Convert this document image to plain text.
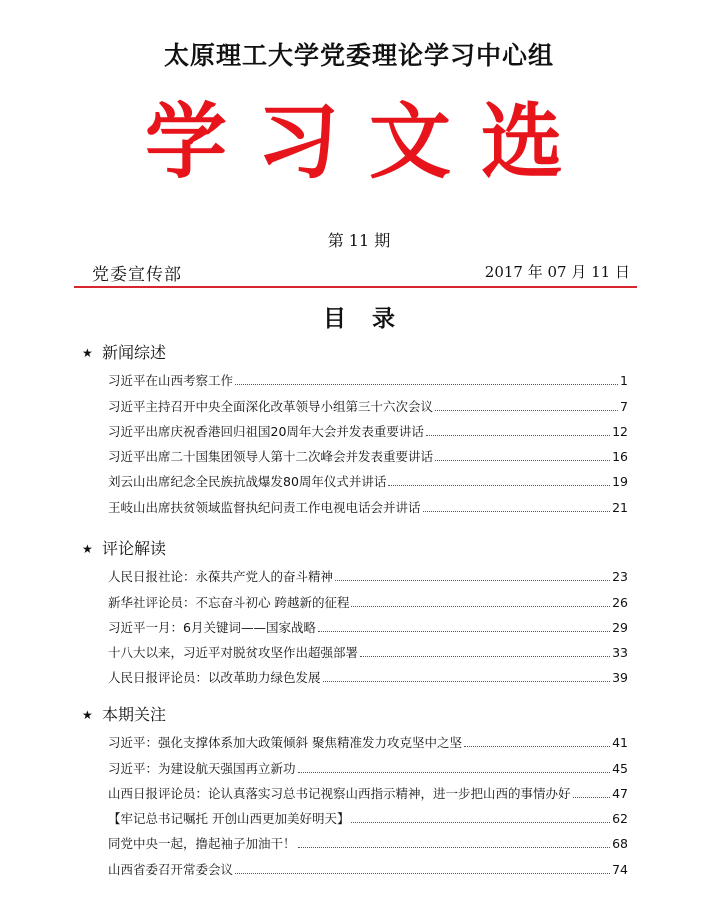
太原理工大学党委理论学习中心组
学习文选
第 11 期
党委宣传部	2017 年 07 月 11 日
目 录
★ 新闻综述
习近平在山西考察工作	1
习近平主持召开中央全面深化改革领导小组第三十六次会议	7
习近平出席庆祝香港回归祖国20周年大会并发表重要讲话	12
习近平出席二十国集团领导人第十二次峰会并发表重要讲话	16
刘云山出席纪念全民族抗战爆发80周年仪式并讲话	19
王岐山出席扶贫领域监督执纪问责工作电视电话会并讲话	21
★ 评论解读
人民日报社论：永葆共产党人的奋斗精神	23
新华社评论员：不忘奋斗初心 跨越新的征程	26
习近平一月：6月关键词——国家战略	29
十八大以来，习近平对脱贫攻坚作出超强部署	33
人民日报评论员：以改革助力绿色发展	39
★ 本期关注
习近平：强化支撑体系加大政策倾斜 聚焦精准发力攻克坚中之坚	41
习近平：为建设航天强国再立新功	45
山西日报评论员：论认真落实习总书记视察山西指示精神，进一步把山西的事情办好	47
【牢记总书记嘱托 开创山西更加美好明天】	62
同党中央一起，撸起袖子加油干！	68
山西省委召开常委会议	74
